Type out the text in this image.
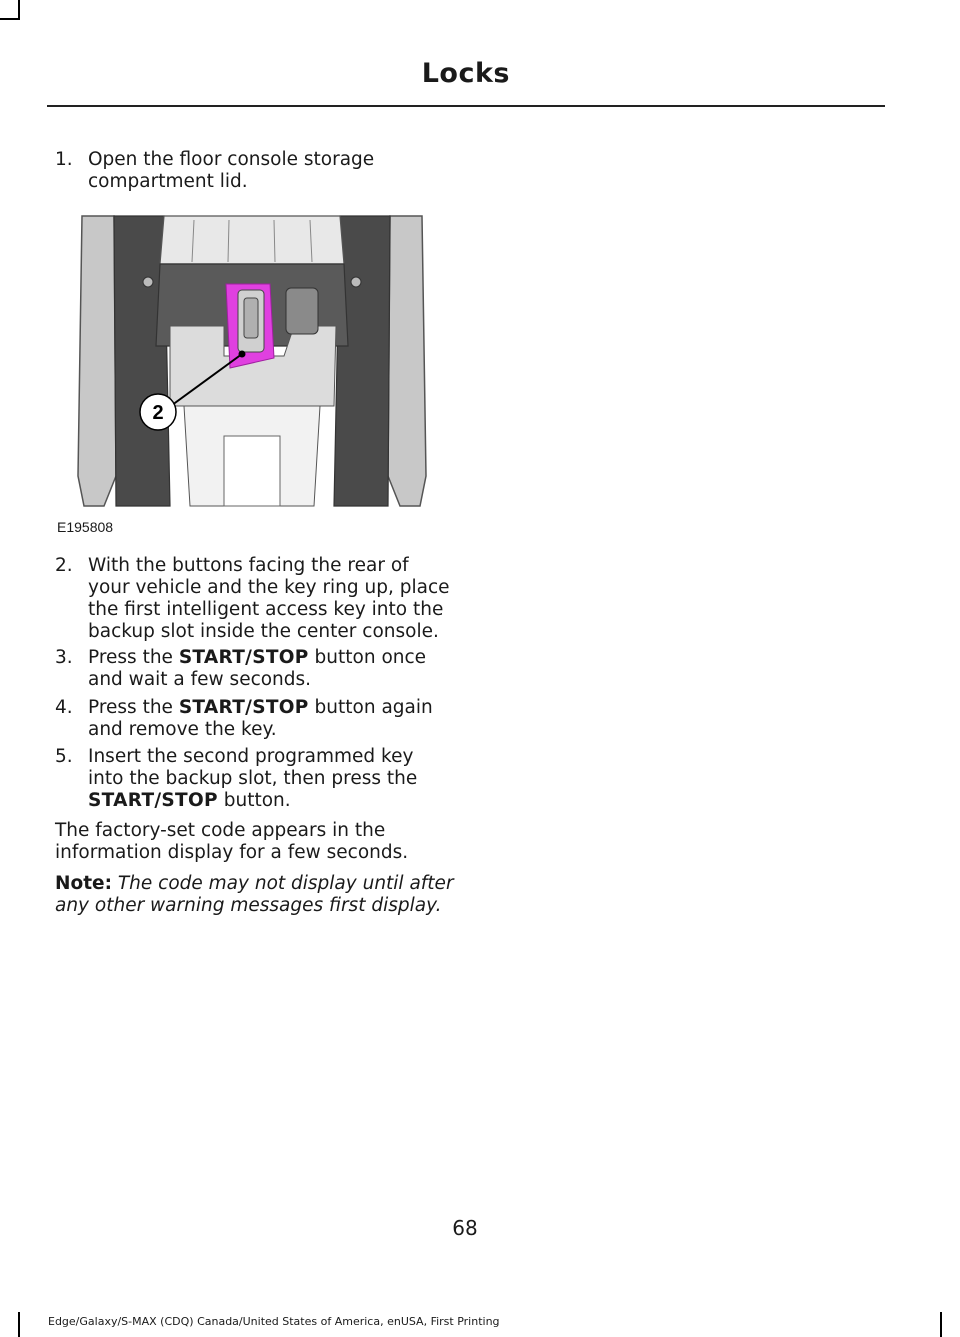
Locks
1. Open the floor console storage compartment lid.
2
E195808
2. With the buttons facing the rear of your vehicle and the key ring up, place the first intelligent access key into the backup slot inside the center console.
3. Press the START/STOP button once and wait a few seconds.
4. Press the START/STOP button again and remove the key.
5. Insert the second programmed key into the backup slot, then press the START/STOP button.
The factory-set code appears in the information display for a few seconds.
Note: The code may not display until after any other warning messages first display.
68
Edge/Galaxy/S-MAX (CDQ) Canada/United States of America, enUSA, First Printing
